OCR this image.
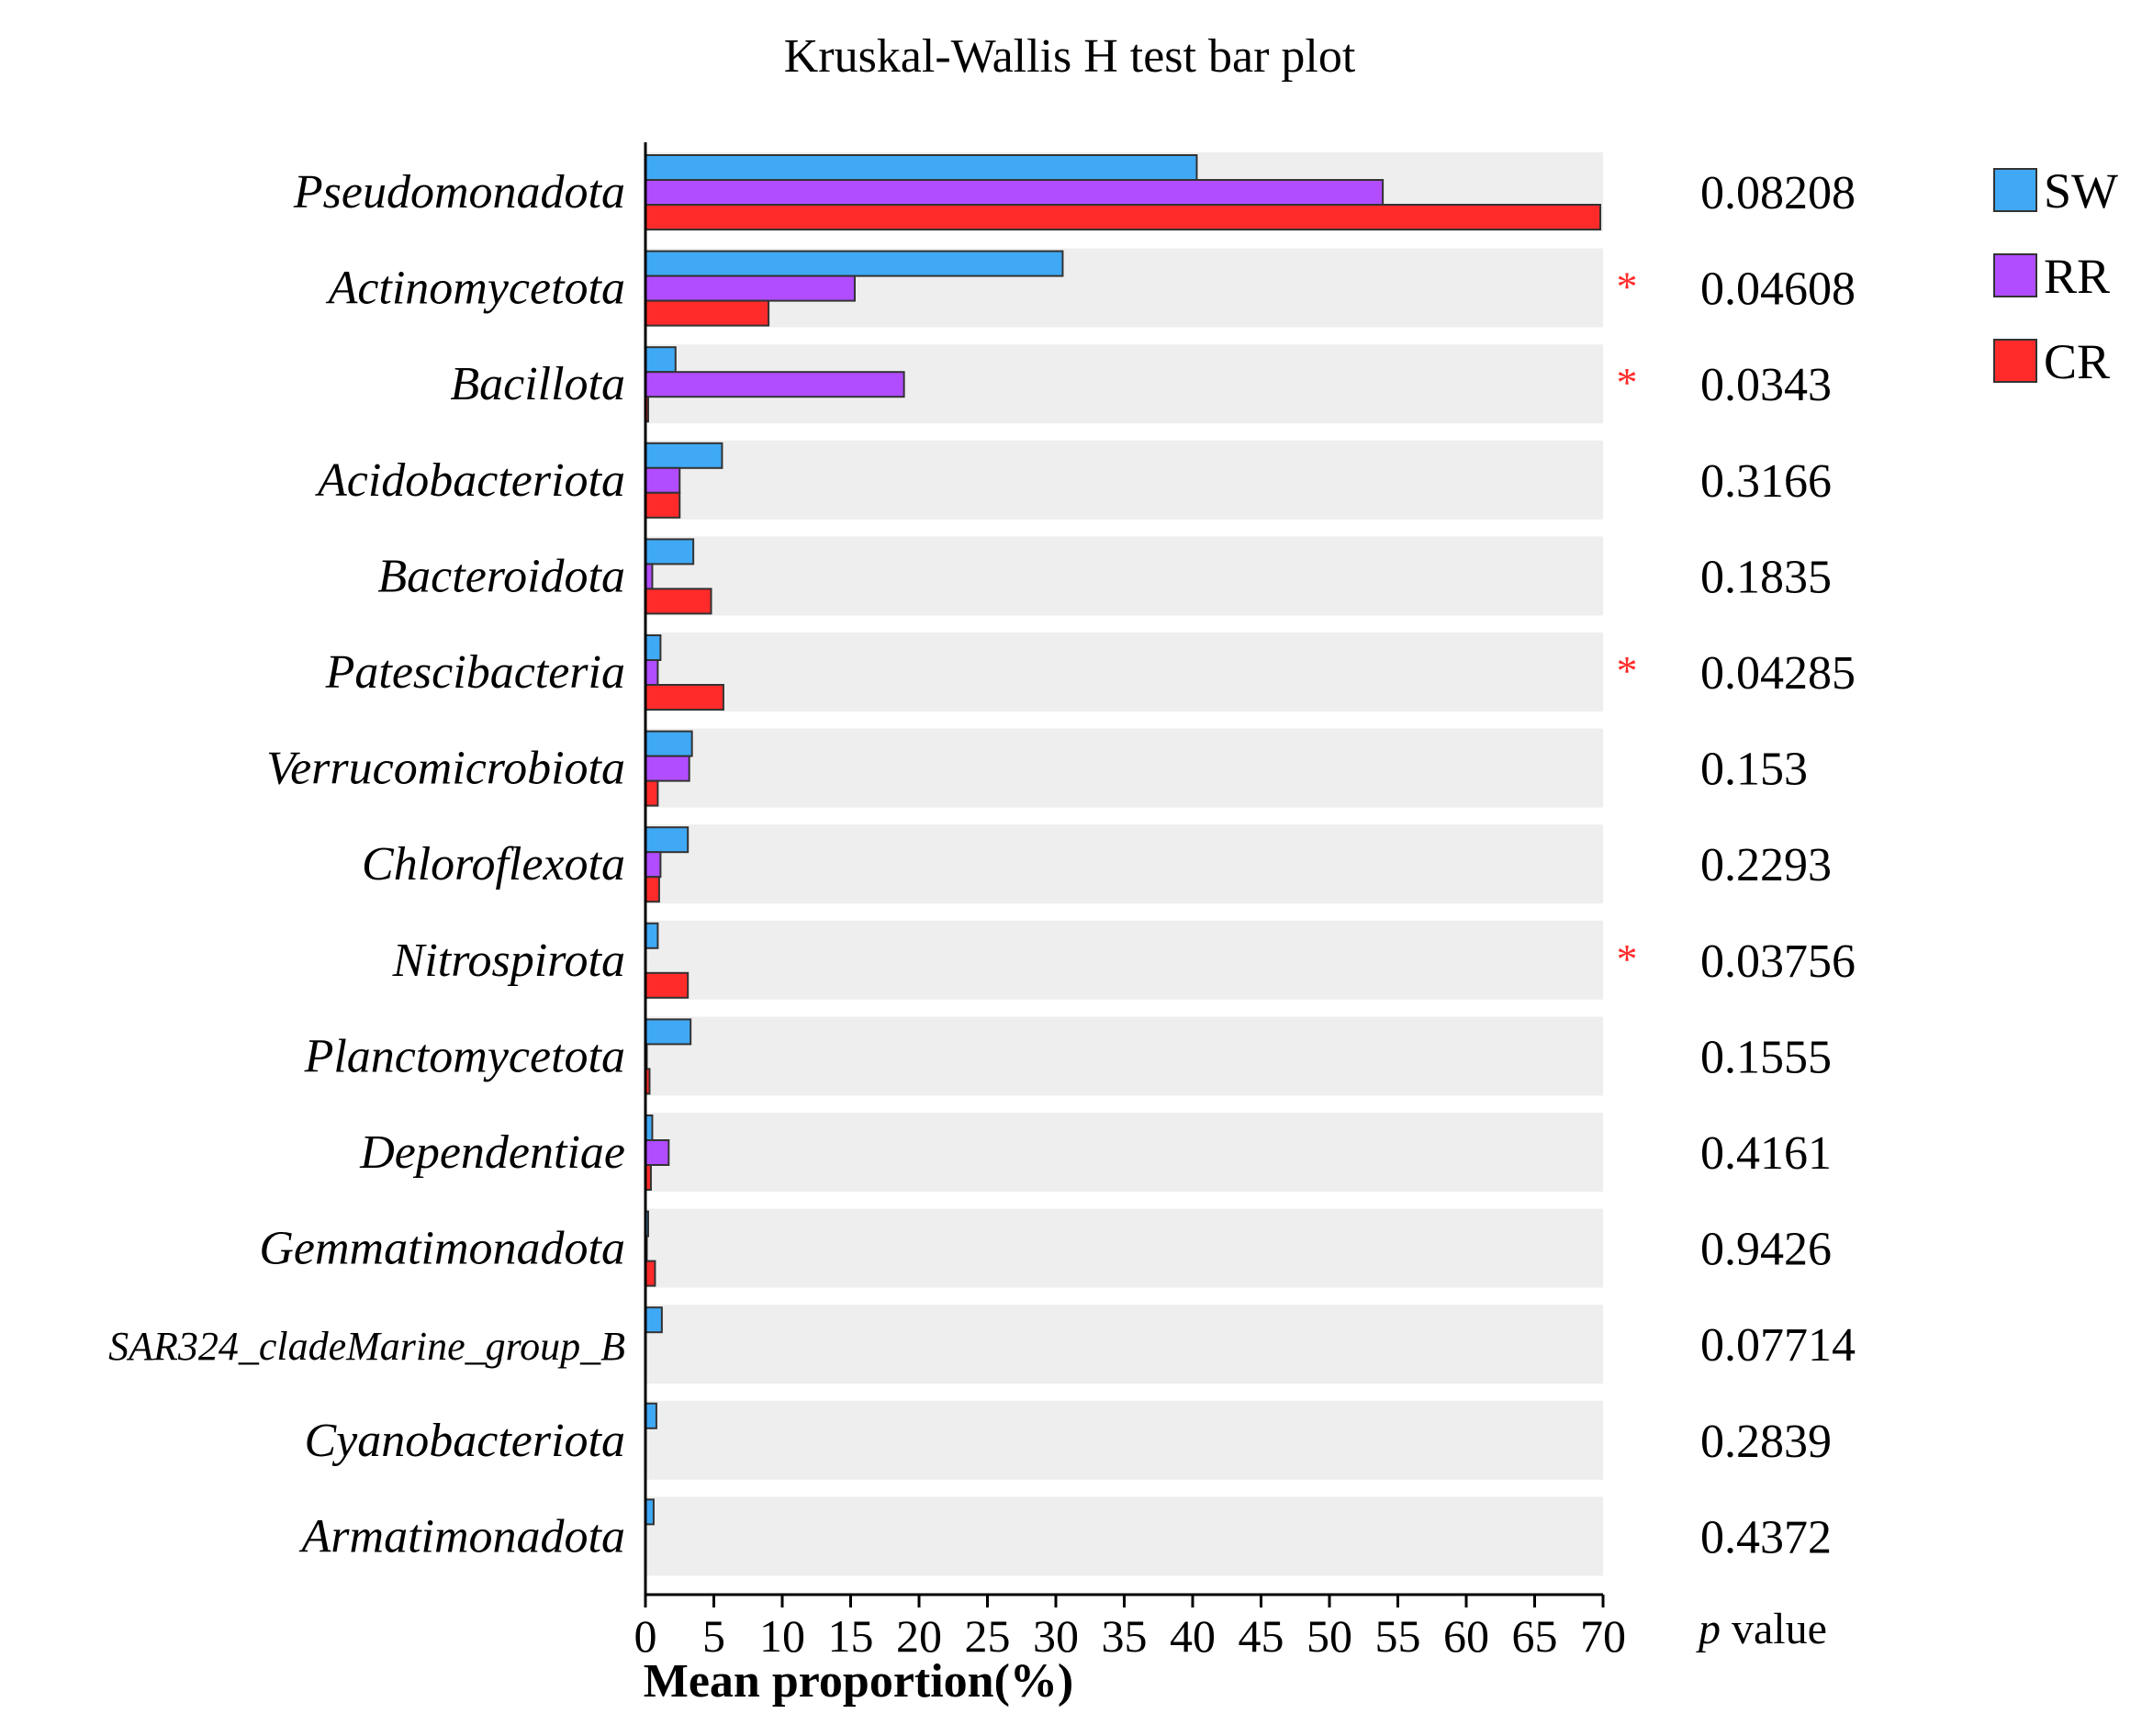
Kruskal-Wallis H test bar plot
0 5 10 15 20 25 30 35 40 45 50 55 60 65 70
Pseudomonadota
Actinomycetota
Bacillota
Acidobacteriota
Bacteroidota
Patescibacteria
Verrucomicrobiota
Chloroflexota
Nitrospirota
Planctomycetota
Dependentiae
Gemmatimonadota
SAR324_cladeMarine_group_B
Cyanobacteriota
Armatimonadota
0.08208
* 0.04608
* 0.0343
0.3166
0.1835
* 0.04285
0.153
0.2293
* 0.03756
0.1555
0.4161
0.9426
0.07714
0.2839
0.4372
SW
RR
CR
Mean proportion(%)
p value
